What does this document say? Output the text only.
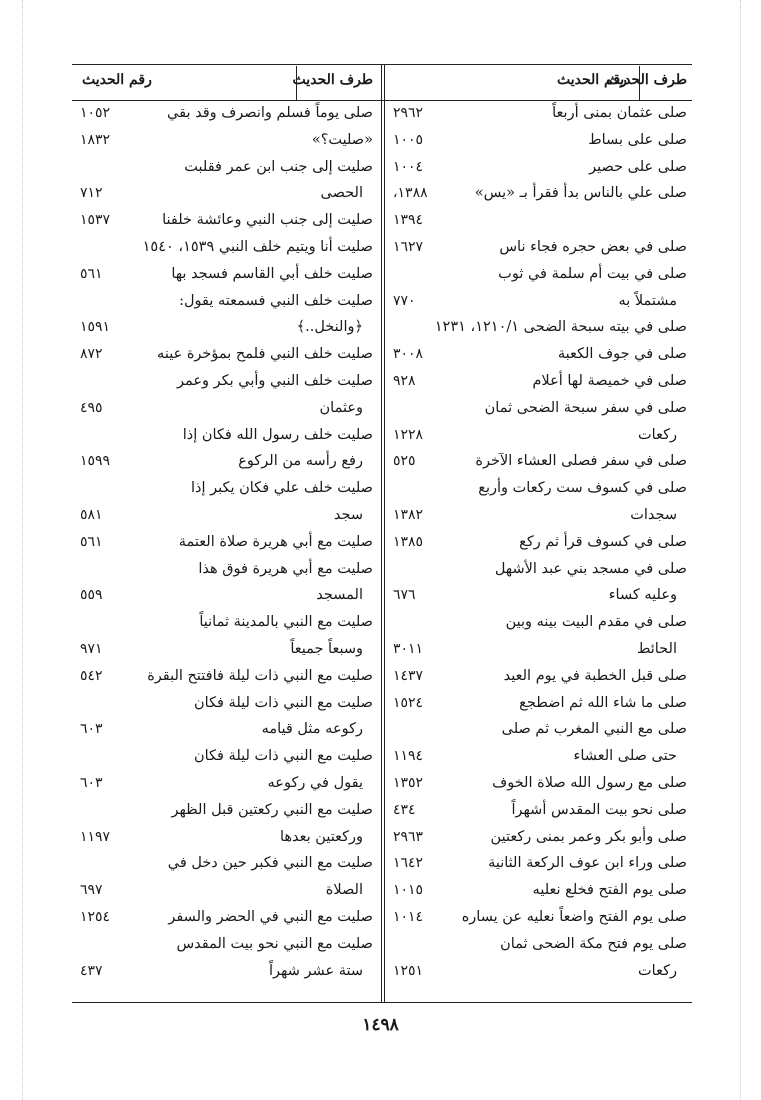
طرف الحديث
رقم الحديث
صلى عثمان بمنى أربعاً
٢٩٦٢
صلى على بساط
١٠٠٥
صلى على حصير
١٠٠٤
صلى علي بالناس بدأ فقرأ بـ «يس»
١٣٨٨،
١٣٩٤
صلى في بعض حجره فجاء ناس
١٦٢٧
صلى في بيت أم سلمة في ثوب
مشتملاً به
٧٧٠
صلى في بيته سبحة الضحى ١٢١٠/١، ١٢٣١
صلى في جوف الكعبة
٣٠٠٨
صلى في خميصة لها أعلام
٩٢٨
صلى في سفر سبحة الضحى ثمان
ركعات
١٢٢٨
صلى في سفر فصلى العشاء الآخرة
٥٢٥
صلى في كسوف ست ركعات وأربع
سجدات
١٣٨٢
صلى في كسوف قرأ ثم ركع
١٣٨٥
صلى في مسجد بني عبد الأشهل
وعليه كساء
٦٧٦
صلى في مقدم البيت بينه وبين
الحائط
٣٠١١
صلى قبل الخطبة في يوم العيد
١٤٣٧
صلى ما شاء الله ثم اضطجع
١٥٢٤
صلى مع النبي المغرب ثم صلى
حتى صلى العشاء
١١٩٤
صلى مع رسول الله صلاة الخوف
١٣٥٢
صلى نحو بيت المقدس أشهراً
٤٣٤
صلى وأبو بكر وعمر بمنى ركعتين
٢٩٦٣
صلى وراء ابن عوف الركعة الثانية
١٦٤٢
صلى يوم الفتح فخلع نعليه
١٠١٥
صلى يوم الفتح واضعاً نعليه عن يساره
١٠١٤
صلى يوم فتح مكة الضحى ثمان
ركعات
١٢٥١
طرف الحديث
رقم الحديث
صلى يوماً فسلم وانصرف وقد بقي
١٠٥٢
«صليت؟»
١٨٣٢
صليت إلى جنب ابن عمر فقلبت
الحصى
٧١٢
صليت إلى جنب النبي وعائشة خلفنا
١٥٣٧
صليت أنا ويتيم خلف النبي ١٥٣٩، ١٥٤٠
صليت خلف أبي القاسم فسجد بها
٥٦١
صليت خلف النبي فسمعته يقول:
﴿والنخل..﴾
١٥٩١
صليت خلف النبي فلمح بمؤخرة عينه
٨٧٢
صليت خلف النبي وأبي بكر وعمر
وعثمان
٤٩٥
صليت خلف رسول الله فكان إذا
رفع رأسه من الركوع
١٥٩٩
صليت خلف علي فكان يكبر إذا
سجد
٥٨١
صليت مع أبي هريرة صلاة العتمة
٥٦١
صليت مع أبي هريرة فوق هذا
المسجد
٥٥٩
صليت مع النبي بالمدينة ثمانياً
وسبعاً جميعاً
٩٧١
صليت مع النبي ذات ليلة فافتتح البقرة
٥٤٢
صليت مع النبي ذات ليلة فكان
ركوعه مثل قيامه
٦٠٣
صليت مع النبي ذات ليلة فكان
يقول في ركوعه
٦٠٣
صليت مع النبي ركعتين قبل الظهر
وركعتين بعدها
١١٩٧
صليت مع النبي فكبر حين دخل في
الصلاة
٦٩٧
صليت مع النبي في الحضر والسفر
١٢٥٤
صليت مع النبي نحو بيت المقدس
ستة عشر شهراً
٤٣٧
١٤٩٨
